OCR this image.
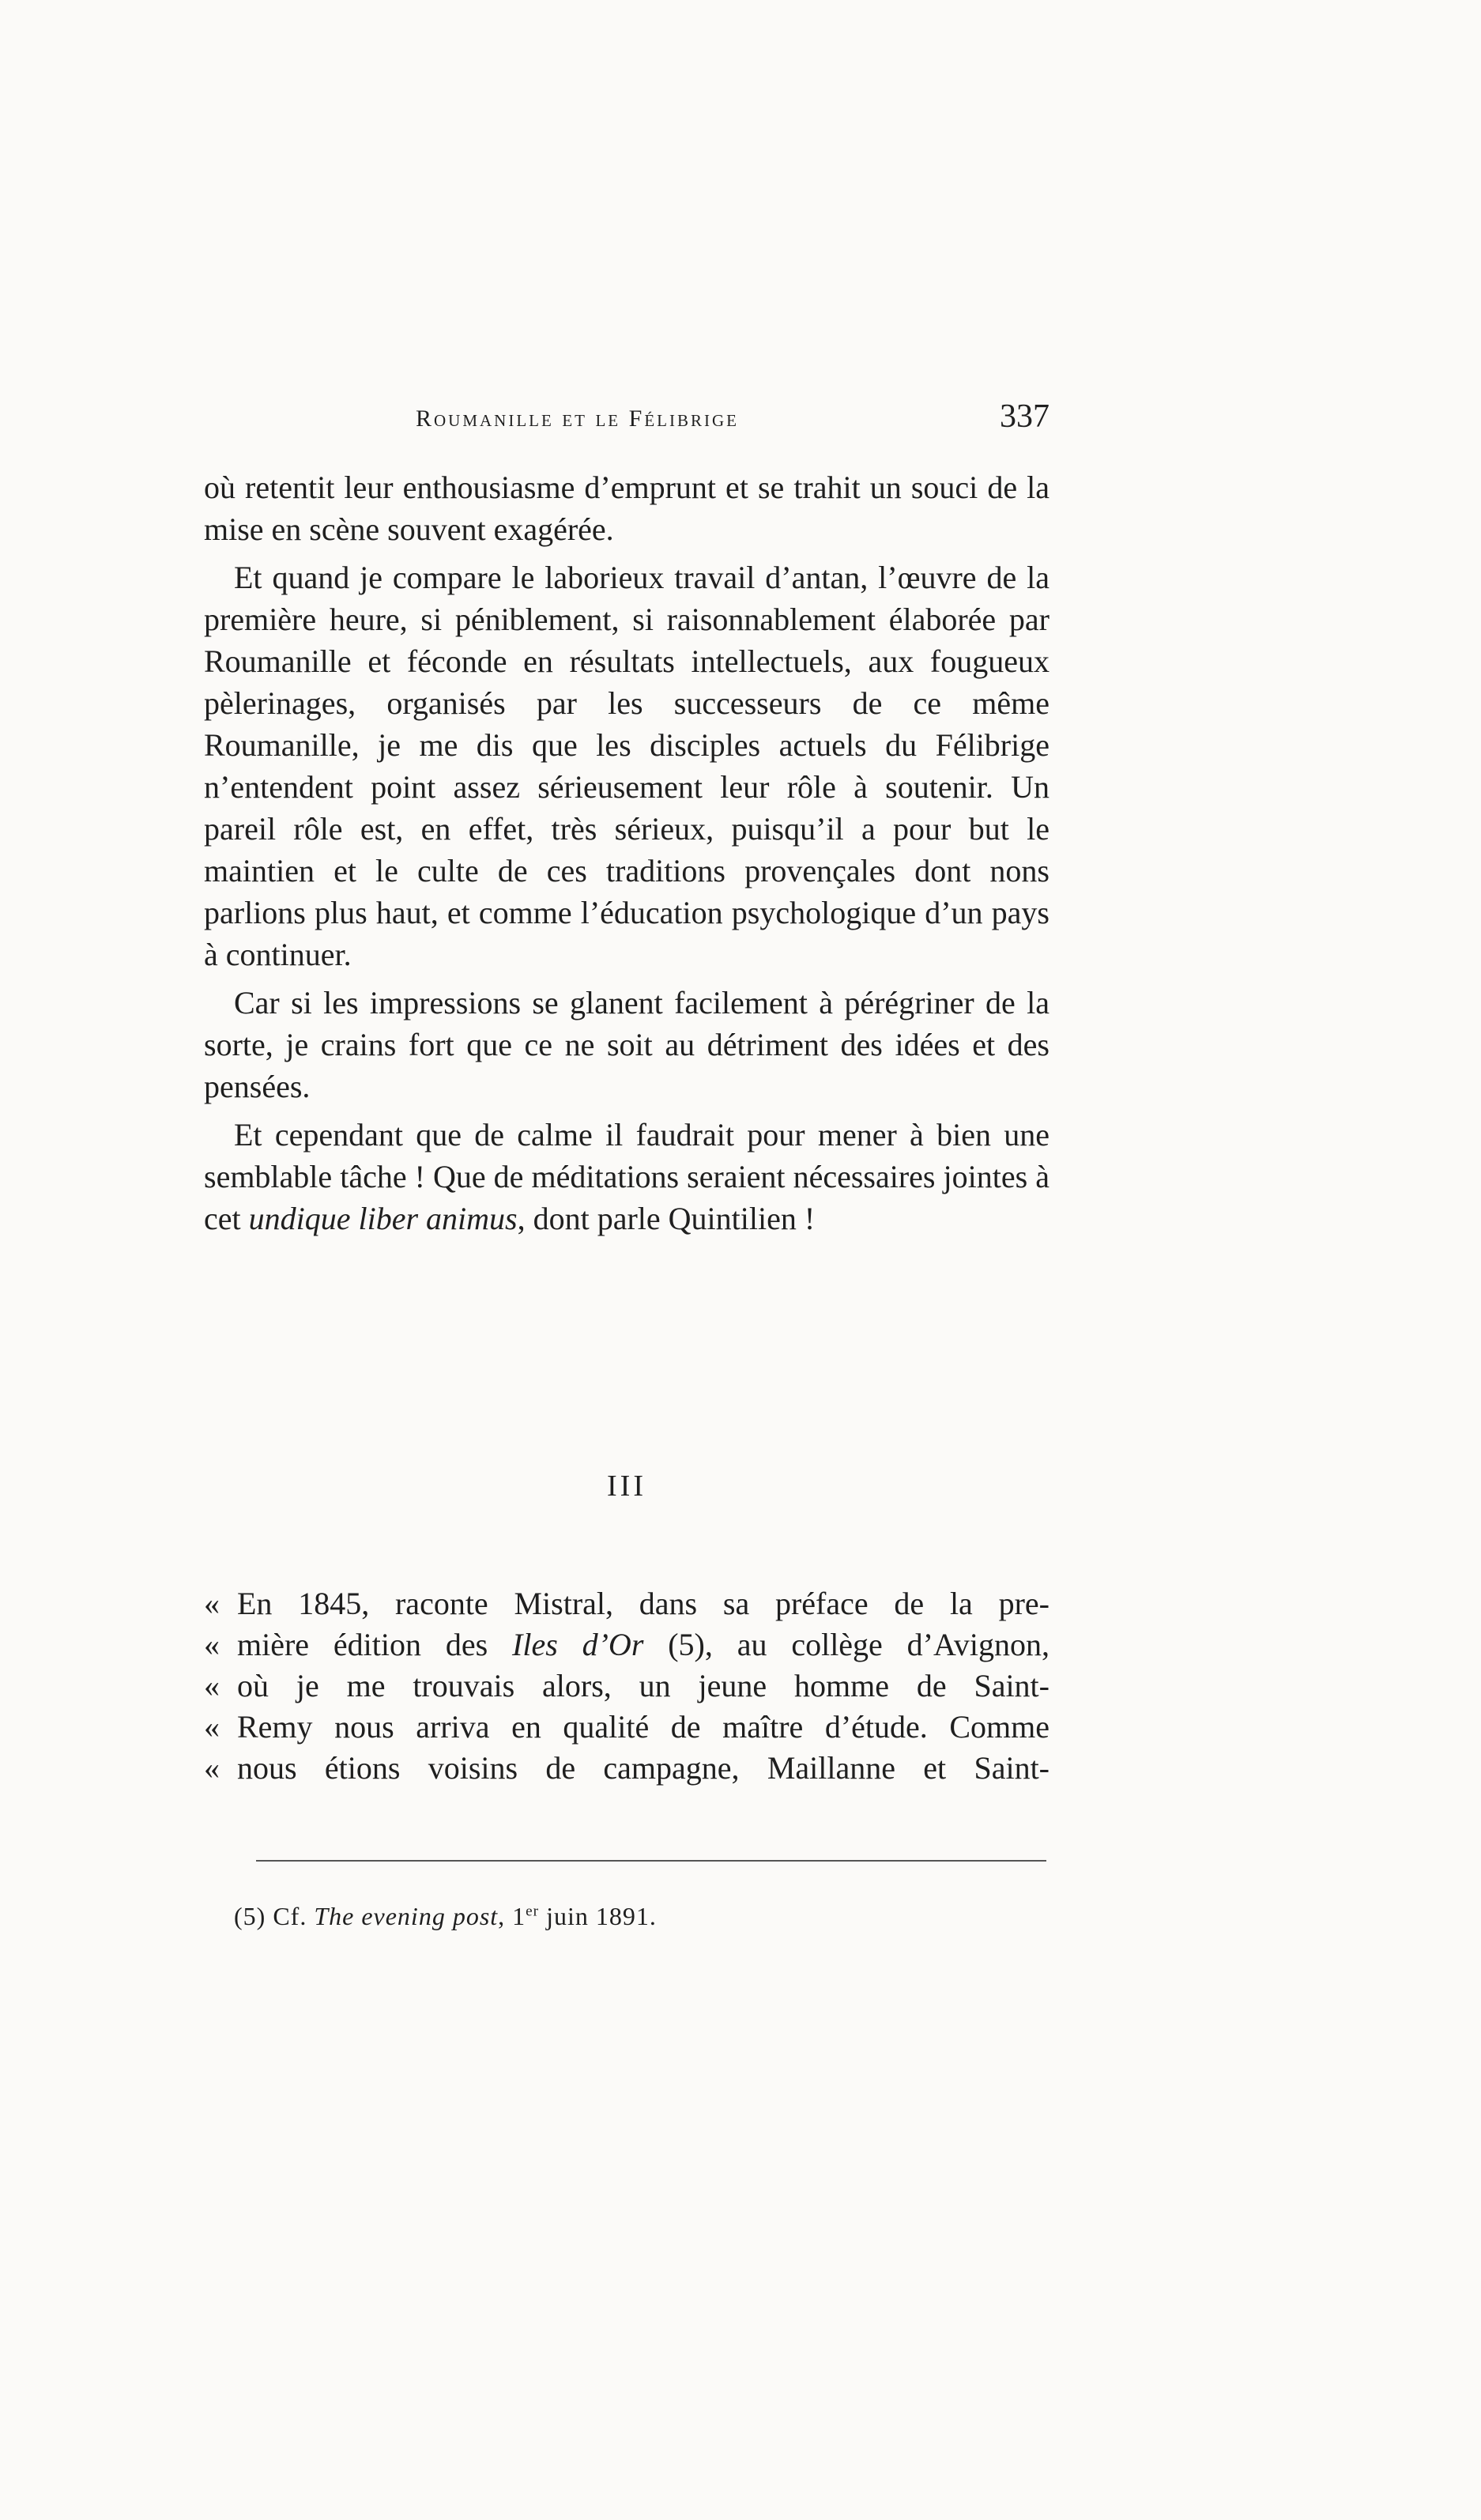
Roumanille et le Félibrige	337

où retentit leur enthousiasme d’emprunt et se trahit un souci de la mise en scène souvent exagérée.

Et quand je compare le laborieux travail d’antan, l’œuvre de la première heure, si péniblement, si raisonnablement élaborée par Roumanille et féconde en résultats intellectuels, aux fougueux pèlerinages, organisés par les successeurs de ce même Roumanille, je me dis que les disciples actuels du Félibrige n’entendent point assez sérieusement leur rôle à soutenir. Un pareil rôle est, en effet, très sérieux, puisqu’il a pour but le maintien et le culte de ces traditions provençales dont nons parlions plus haut, et comme l’éducation psychologique d’un pays à continuer.

Car si les impressions se glanent facilement à pérégriner de la sorte, je crains fort que ce ne soit au détriment des idées et des pensées.

Et cependant que de calme il faudrait pour mener à bien une semblable tâche ! Que de méditations seraient nécessaires jointes à cet undique liber animus, dont parle Quintilien !

III
« En 1845, raconte Mistral, dans sa préface de la pre-
« mière édition des Iles d’Or (5), au collège d’Avignon,
« où je me trouvais alors, un jeune homme de Saint-
« Remy nous arriva en qualité de maître d’étude. Comme
« nous étions voisins de campagne, Maillanne et Saint-
(5) Cf. The evening post, 1er juin 1891.
